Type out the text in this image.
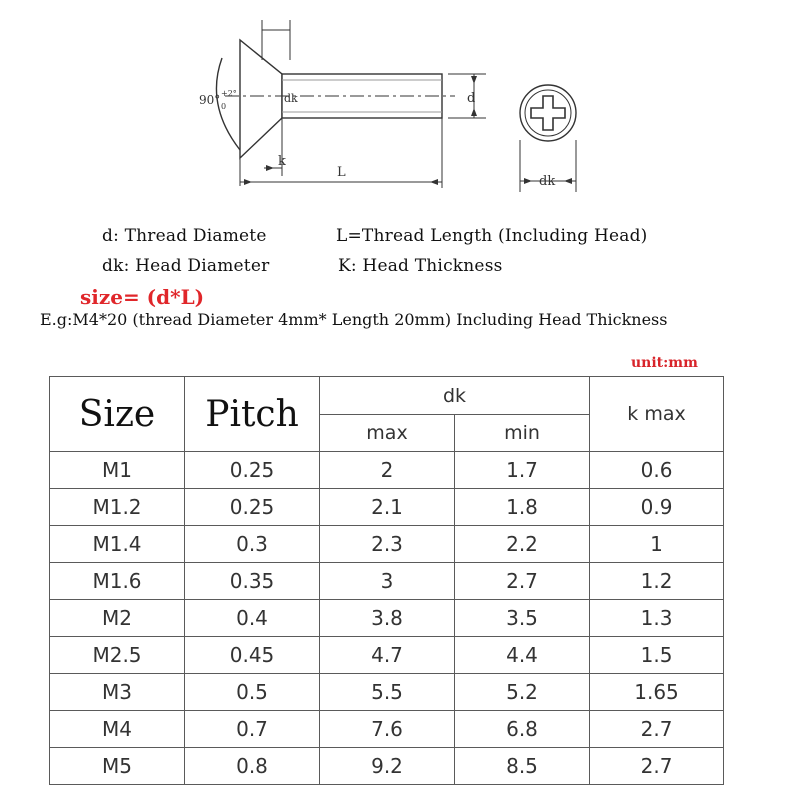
90° +2°
0
dk	d
k
L
dk
d: Thread Diamete	L=Thread Length (Including Head)
dk: Head Diameter	K: Head Thickness
size= (d*L)
E.g:M4*20 (thread Diameter 4mm* Length 20mm) Including Head Thickness
unit:mm
Size	Pitch	dk		k max
		max	min	
M1	0.25	2	1.7	0.6
M1.2	0.25	2.1	1.8	0.9
M1.4	0.3	2.3	2.2	1
M1.6	0.35	3	2.7	1.2
M2	0.4	3.8	3.5	1.3
M2.5	0.45	4.7	4.4	1.5
M3	0.5	5.5	5.2	1.65
M4	0.7	7.6	6.8	2.7
M5	0.8	9.2	8.5	2.7
